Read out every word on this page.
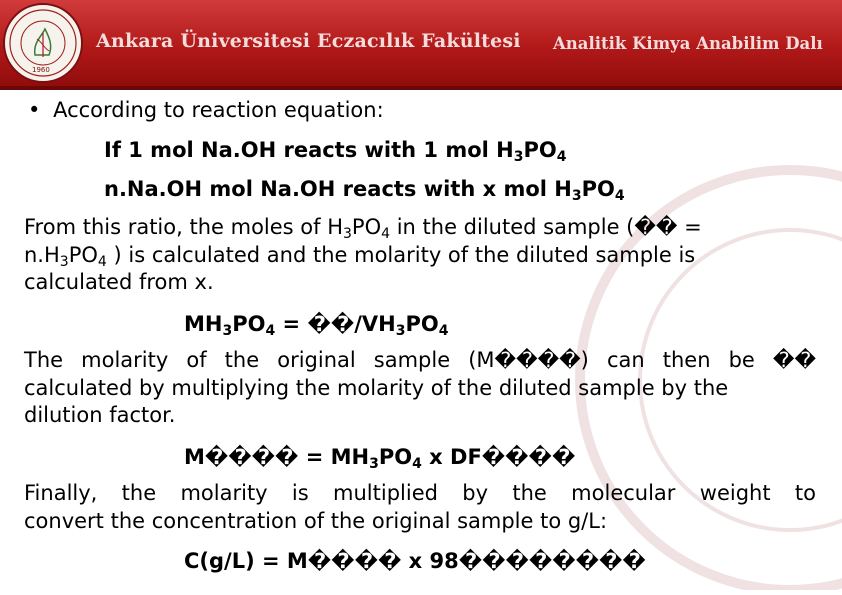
1960
Ankara Üniversitesi Eczacılık Fakültesi Analitik Kimya Anabilim Dalı
• According to reaction equation:
If 1 mol Na.OH reacts with 1 mol $H_3PO_4$
n.Na.OH mol Na.OH reacts with x mol $H_3PO_4$
From this ratio, the moles of $H_3PO_4$ in the diluted sample (�� =
$n.H_3PO_4$ ) is calculated and the molarity of the diluted sample is
calculated from x.
$MH_3PO_4$ = $��/VH_3PO_4$
The molarity of the original sample (M����) can then be ��
calculated by multiplying the molarity of the diluted sample by the
dilution factor.
M���� = $MH_3PO_4$ x DF����
Finally, the molarity is multiplied by the molecular weight to
convert the concentration of the original sample to g/L:
C(g/L) = M���� x 98��������
